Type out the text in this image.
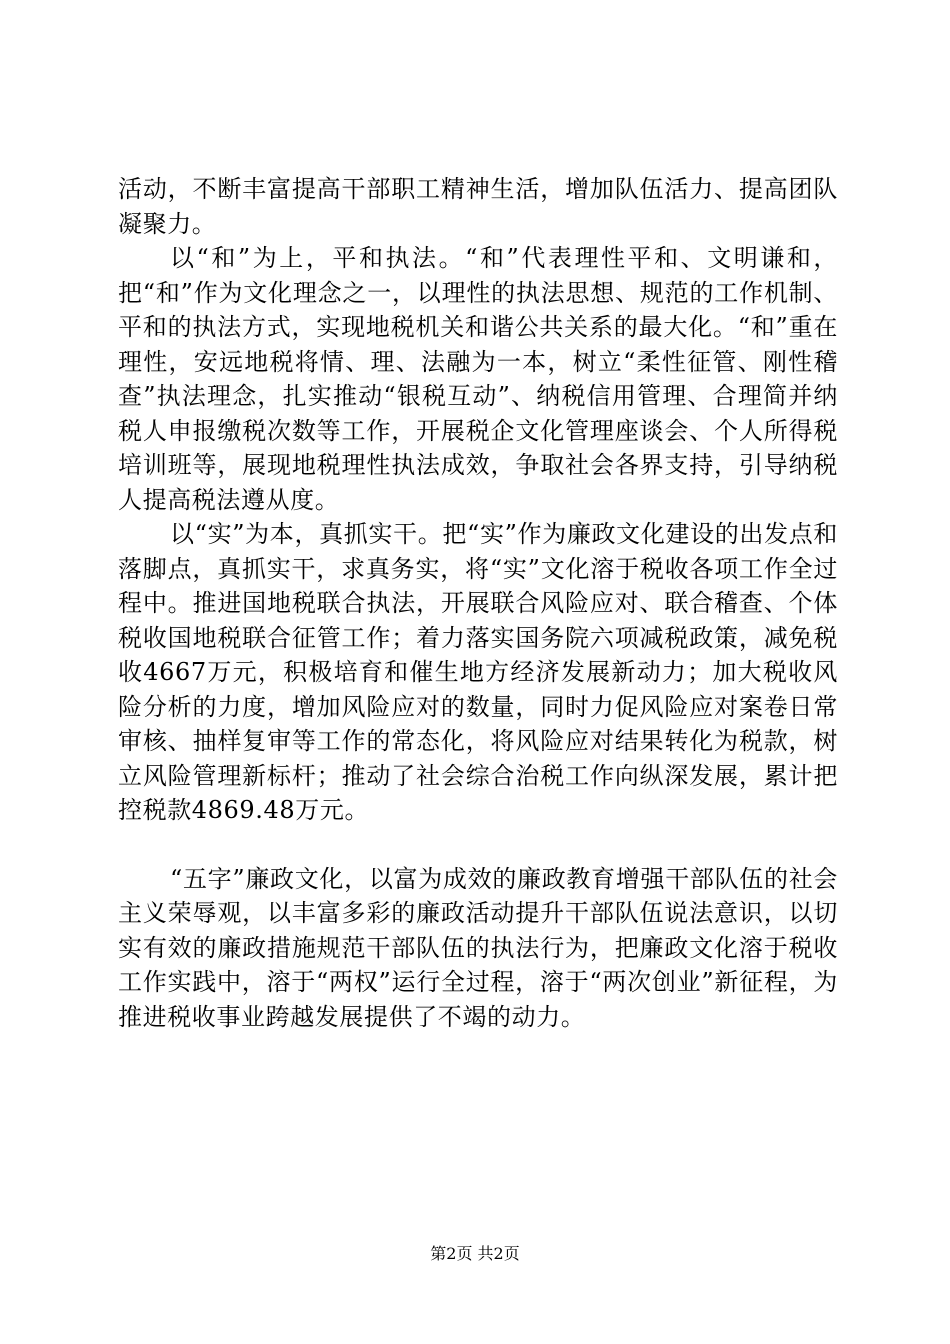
活动，不断丰富提高干部职工精神生活，增加队伍活力、提高团队凝聚力。

以“和”为上，平和执法。“和”代表理性平和、文明谦和，把“和”作为文化理念之一，以理性的执法思想、规范的工作机制、平和的执法方式，实现地税机关和谐公共关系的最大化。“和”重在理性，安远地税将情、理、法融为一本，树立“柔性征管、刚性稽查”执法理念，扎实推动“银税互动”、纳税信用管理、合理简并纳税人申报缴税次数等工作，开展税企文化管理座谈会、个人所得税培训班等，展现地税理性执法成效，争取社会各界支持，引导纳税人提高税法遵从度。

以“实”为本，真抓实干。把“实”作为廉政文化建设的出发点和落脚点，真抓实干，求真务实，将“实”文化溶于税收各项工作全过程中。推进国地税联合执法，开展联合风险应对、联合稽查、个体税收国地税联合征管工作；着力落实国务院六项减税政策，减免税收4667万元，积极培育和催生地方经济发展新动力；加大税收风险分析的力度，增加风险应对的数量，同时力促风险应对案卷日常审核、抽样复审等工作的常态化，将风险应对结果转化为税款，树立风险管理新标杆；推动了社会综合治税工作向纵深发展，累计把控税款4869.48万元。

“五字”廉政文化，以富为成效的廉政教育增强干部队伍的社会主义荣辱观，以丰富多彩的廉政活动提升干部队伍说法意识，以切实有效的廉政措施规范干部队伍的执法行为，把廉政文化溶于税收工作实践中，溶于“两权”运行全过程，溶于“两次创业”新征程，为推进税收事业跨越发展提供了不竭的动力。

第2页 共2页
